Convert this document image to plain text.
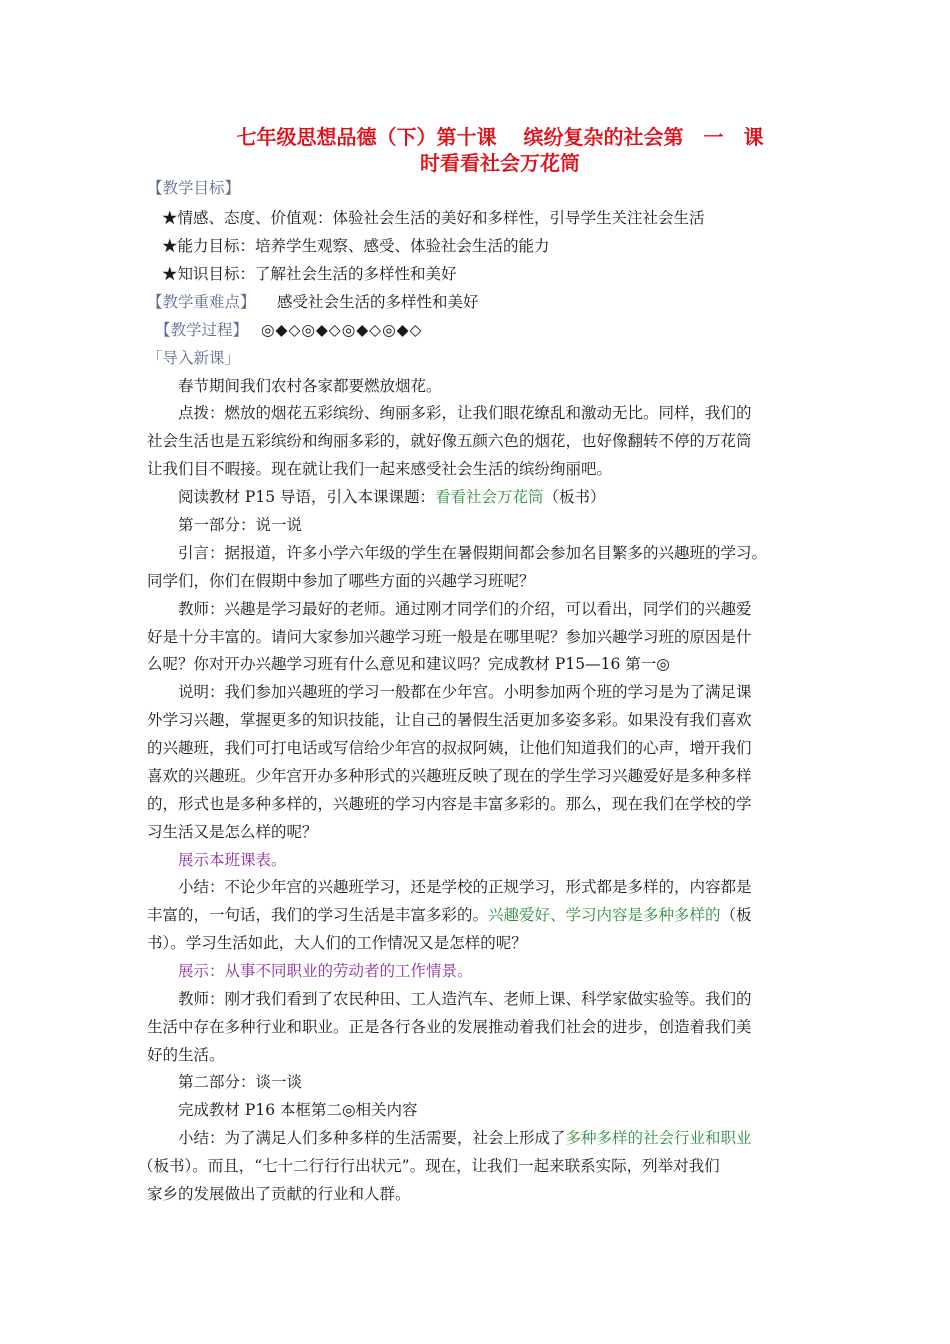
七年级思想品德（下）第十课　 缤纷复杂的社会第　一　课
时看看社会万花筒
【教学目标】
★情感、态度、价值观：体验社会生活的美好和多样性，引导学生关注社会生活
★能力目标：培养学生观察、感受、体验社会生活的能力
★知识目标：了解社会生活的多样性和美好
【教学重难点】 感受社会生活的多样性和美好
【教学过程】 ◎◆◇◎◆◇◎◆◇◎◆◇
「导入新课」
春节期间我们农村各家都要燃放烟花。
点拨：燃放的烟花五彩缤纷、绚丽多彩，让我们眼花缭乱和激动无比。同样，我们的
社会生活也是五彩缤纷和绚丽多彩的，就好像五颜六色的烟花，也好像翻转不停的万花筒
让我们目不暇接。现在就让我们一起来感受社会生活的缤纷绚丽吧。
阅读教材 P15 导语，引入本课课题：看看社会万花筒（板书）
第一部分：说一说
引言：据报道，许多小学六年级的学生在暑假期间都会参加名目繁多的兴趣班的学习。
同学们，你们在假期中参加了哪些方面的兴趣学习班呢？
教师：兴趣是学习最好的老师。通过刚才同学们的介绍，可以看出，同学们的兴趣爱
好是十分丰富的。请问大家参加兴趣学习班一般是在哪里呢？参加兴趣学习班的原因是什
么呢？你对开办兴趣学习班有什么意见和建议吗？完成教材 P15—16 第一◎
说明：我们参加兴趣班的学习一般都在少年宫。小明参加两个班的学习是为了满足课
外学习兴趣，掌握更多的知识技能，让自己的暑假生活更加多姿多彩。如果没有我们喜欢
的兴趣班，我们可打电话或写信给少年宫的叔叔阿姨，让他们知道我们的心声，增开我们
喜欢的兴趣班。少年宫开办多种形式的兴趣班反映了现在的学生学习兴趣爱好是多种多样
的，形式也是多种多样的，兴趣班的学习内容是丰富多彩的。那么，现在我们在学校的学
习生活又是怎么样的呢？
展示本班课表。
小结：不论少年宫的兴趣班学习，还是学校的正规学习，形式都是多样的，内容都是
丰富的，一句话，我们的学习生活是丰富多彩的。兴趣爱好、学习内容是多种多样的（板
书）。学习生活如此，大人们的工作情况又是怎样的呢？
展示：从事不同职业的劳动者的工作情景。
教师：刚才我们看到了农民种田、工人造汽车、老师上课、科学家做实验等。我们的
生活中存在多种行业和职业。正是各行各业的发展推动着我们社会的进步，创造着我们美
好的生活。
第二部分：谈一谈
完成教材 P16 本框第二◎相关内容
小结：为了满足人们多种多样的生活需要，社会上形成了多种多样的社会行业和职业
（板书）。而且，“七十二行行行出状元”。现在，让我们一起来联系实际，列举对我们
家乡的发展做出了贡献的行业和人群。
